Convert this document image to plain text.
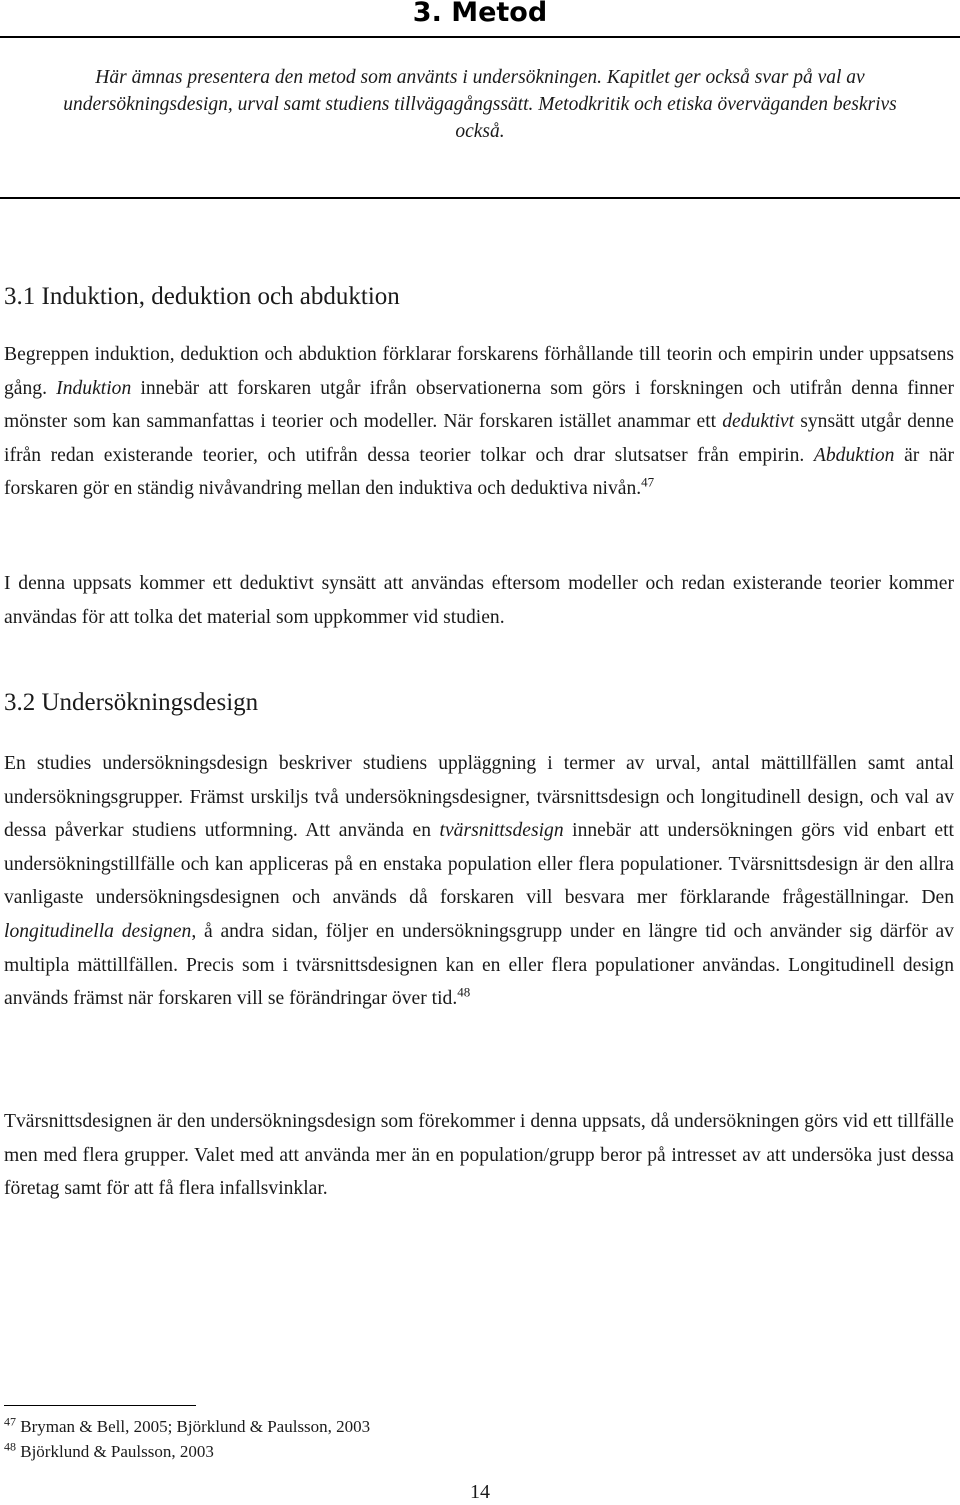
3. Metod

Här ämnas presentera den metod som använts i undersökningen. Kapitlet ger också svar på val av undersökningsdesign, urval samt studiens tillvägagångssätt. Metodkritik och etiska överväganden beskrivs också.

3.1 Induktion, deduktion och abduktion

Begreppen induktion, deduktion och abduktion förklarar forskarens förhållande till teorin och empirin under uppsatsens gång. Induktion innebär att forskaren utgår ifrån observationerna som görs i forskningen och utifrån denna finner mönster som kan sammanfattas i teorier och modeller. När forskaren istället anammar ett deduktivt synsätt utgår denne ifrån redan existerande teorier, och utifrån dessa teorier tolkar och drar slutsatser från empirin. Abduktion är när forskaren gör en ständig nivåvandring mellan den induktiva och deduktiva nivån.$^{47}$

I denna uppsats kommer ett deduktivt synsätt att användas eftersom modeller och redan existerande teorier kommer användas för att tolka det material som uppkommer vid studien.

3.2 Undersökningsdesign

En studies undersökningsdesign beskriver studiens uppläggning i termer av urval, antal mättillfällen samt antal undersökningsgrupper. Främst urskiljs två undersökningsdesigner, tvärsnittsdesign och longitudinell design, och val av dessa påverkar studiens utformning. Att använda en tvärsnittsdesign innebär att undersökningen görs vid enbart ett undersökningstillfälle och kan appliceras på en enstaka population eller flera populationer. Tvärsnittsdesign är den allra vanligaste undersökningsdesignen och används då forskaren vill besvara mer förklarande frågeställningar. Den longitudinella designen, å andra sidan, följer en undersökningsgrupp under en längre tid och använder sig därför av multipla mättillfällen. Precis som i tvärsnittsdesignen kan en eller flera populationer användas. Longitudinell design används främst när forskaren vill se förändringar över tid.$^{48}$

Tvärsnittsdesignen är den undersökningsdesign som förekommer i denna uppsats, då undersökningen görs vid ett tillfälle men med flera grupper. Valet med att använda mer än en population/grupp beror på intresset av att undersöka just dessa företag samt för att få flera infallsvinklar.

$^{47}$ Bryman & Bell, 2005; Björklund & Paulsson, 2003
$^{48}$ Björklund & Paulsson, 2003
14
